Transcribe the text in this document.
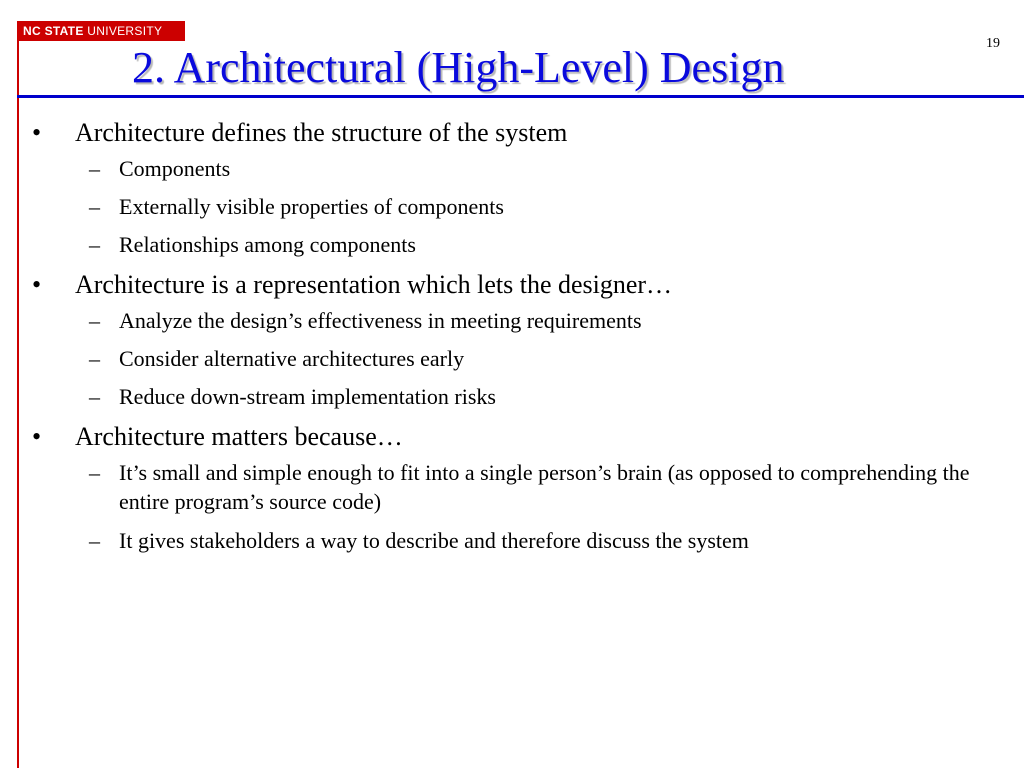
NC STATE UNIVERSITY
19
2. Architectural (High-Level) Design
• Architecture defines the structure of the system
– Components
– Externally visible properties of components
– Relationships among components
• Architecture is a representation which lets the designer…
– Analyze the design’s effectiveness in meeting requirements
– Consider alternative architectures early
– Reduce down-stream implementation risks
• Architecture matters because…
– It’s small and simple enough to fit into a single person’s brain (as opposed to comprehending the entire program’s source code)
– It gives stakeholders a way to describe and therefore discuss the system
